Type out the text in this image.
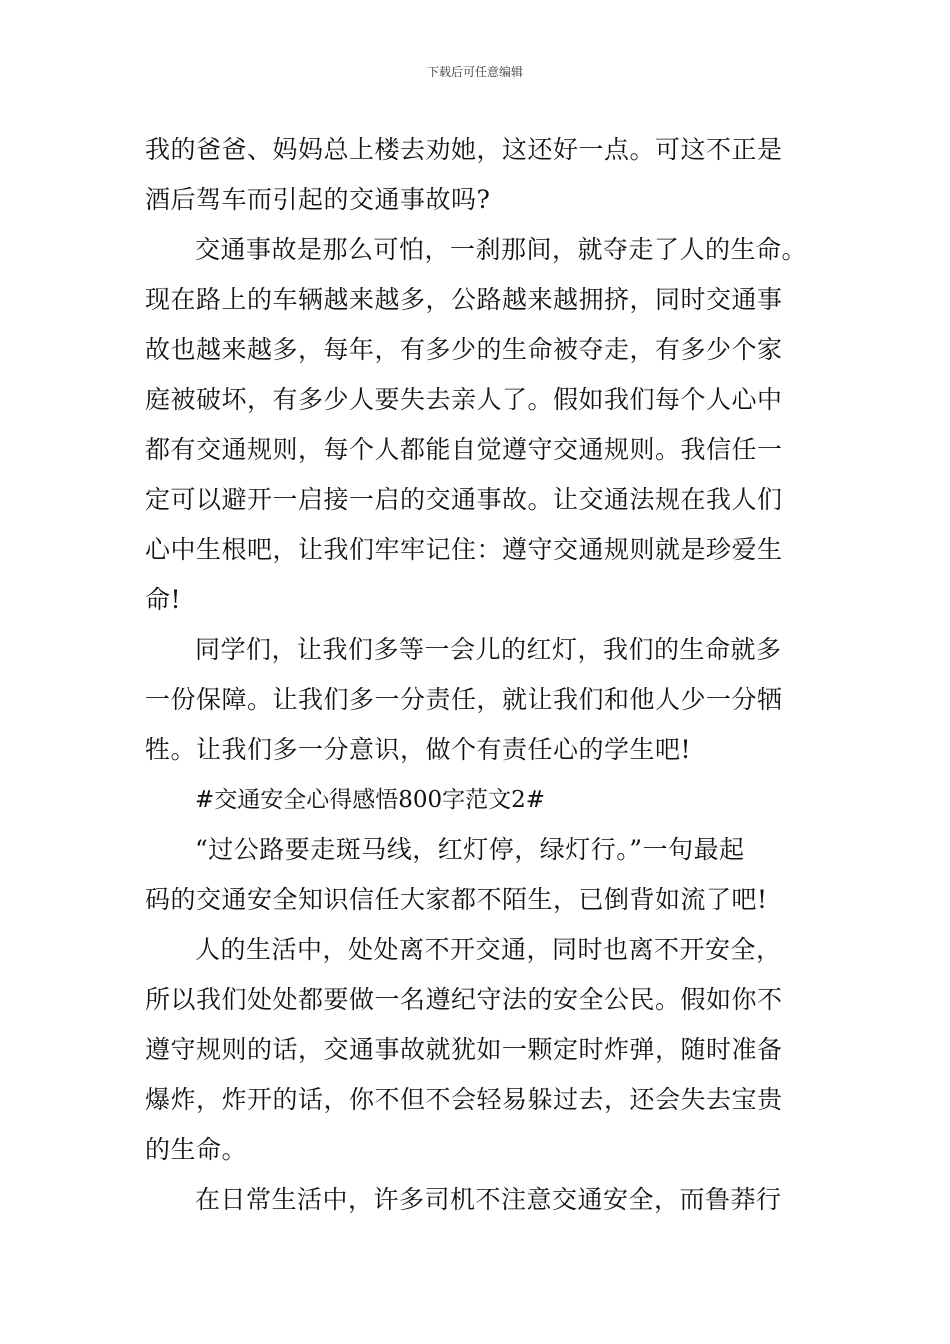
下载后可任意编辑
我的爸爸、妈妈总上楼去劝她，这还好一点。可这不正是
酒后驾车而引起的交通事故吗?
交通事故是那么可怕，一刹那间，就夺走了人的生命。
现在路上的车辆越来越多，公路越来越拥挤，同时交通事
故也越来越多，每年，有多少的生命被夺走，有多少个家
庭被破坏，有多少人要失去亲人了。假如我们每个人心中
都有交通规则，每个人都能自觉遵守交通规则。我信任一
定可以避开一启接一启的交通事故。让交通法规在我人们
心中生根吧，让我们牢牢记住：遵守交通规则就是珍爱生
命!
同学们，让我们多等一会儿的红灯，我们的生命就多
一份保障。让我们多一分责任，就让我们和他人少一分牺
牲。让我们多一分意识，做个有责任心的学生吧!
#交通安全心得感悟800字范文2#
“过公路要走斑马线，红灯停，绿灯行。”一句最起
码的交通安全知识信任大家都不陌生，已倒背如流了吧!
人的生活中，处处离不开交通，同时也离不开安全，
所以我们处处都要做一名遵纪守法的安全公民。假如你不
遵守规则的话，交通事故就犹如一颗定时炸弹，随时准备
爆炸，炸开的话，你不但不会轻易躲过去，还会失去宝贵
的生命。
在日常生活中，许多司机不注意交通安全，而鲁莽行
